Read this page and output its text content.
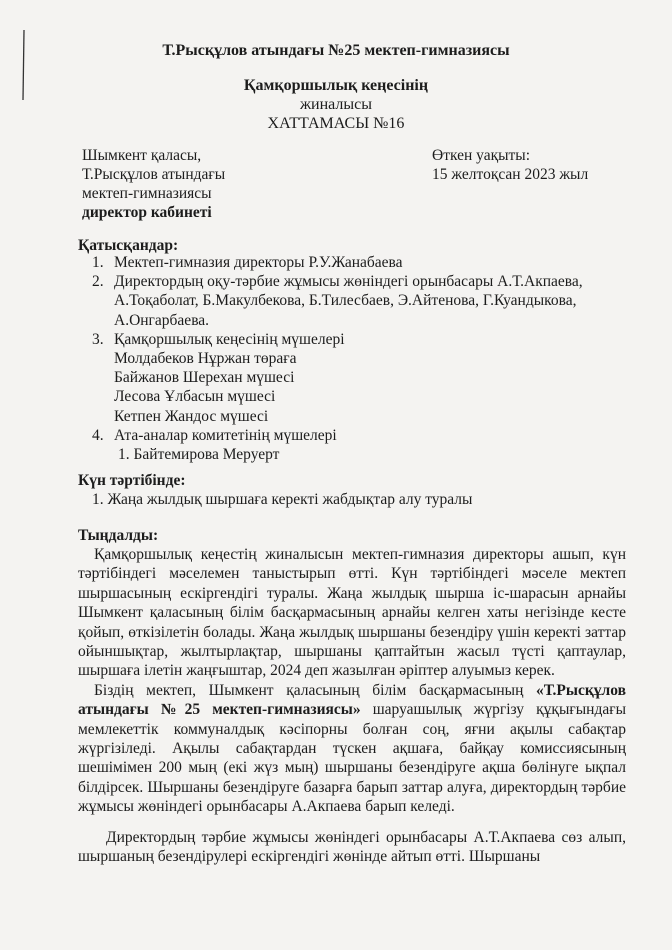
Т.Рысқұлов атындағы №25 мектеп-гимназиясы
Қамқоршылық кеңесінің
жиналысы
ХАТТАМАСЫ №16
Шымкент қаласы,
Т.Рысқұлов атындағы
мектеп-гимназиясы
директор кабинеті
Өткен уақыты:
15 желтоқсан 2023 жыл
Қатысқандар:
1. Мектеп-гимназия директоры Р.У.Жанабаева
2. Директордың оқу-тәрбие жұмысы жөніндегі орынбасары А.Т.Акпаева, А.Тоқаболат, Б.Макулбекова, Б.Тилесбаев, Э.Айтенова, Г.Куандыкова, А.Онгарбаева.
3. Қамқоршылық кеңесінің мүшелері
Молдабеков Нұржан төраға
Байжанов Шерехан мүшесі
Лесова Ұлбасын мүшесі
Кетпен Жандос мүшесі
4. Ата-аналар комитетінің мүшелері
1. Байтемирова Меруерт
Күн тәртібінде:
1. Жаңа жылдық шыршаға керекті жабдықтар алу туралы
Тыңдалды:

Қамқоршылық кеңестің жиналысын мектеп-гимназия директоры ашып, күн тәртібіндегі мәселемен таныстырып өтті. Күн тәртібіндегі мәселе мектеп шыршасының ескіргендігі туралы. Жаңа жылдық шырша іс-шарасын арнайы Шымкент қаласының білім басқармасының арнайы келген хаты негізінде кесте қойып, өткізілетін болады. Жаңа жылдық шыршаны безендіру үшін керекті заттар ойыншықтар, жылтырлақтар, шыршаны қаптайтын жасыл түсті қаптаулар, шыршаға ілетін жаңғыштар, 2024 деп жазылған әріптер алуымыз керек.

Біздің мектеп, Шымкент қаласының білім басқармасының «Т.Рысқұлов атындағы №25 мектеп-гимназиясы» шаруашылық жүргізу құқығындағы мемлекеттік коммуналдық кәсіпорны болған соң, яғни ақылы сабақтар жүргізіледі. Ақылы сабақтардан түскен ақшаға, байқау комиссиясының шешімімен 200 мың (екі жүз мың) шыршаны безендіруге ақша бөлінуге ықпал білдірсек. Шыршаны безендіруге базарға барып заттар алуға, директордың тәрбие жұмысы жөніндегі орынбасары А.Акпаева барып келеді.

Директордың тәрбие жұмысы жөніндегі орынбасары А.Т.Акпаева сөз алып, шыршаның безендірулері ескіргендігі жөнінде айтып өтті. Шыршаны
